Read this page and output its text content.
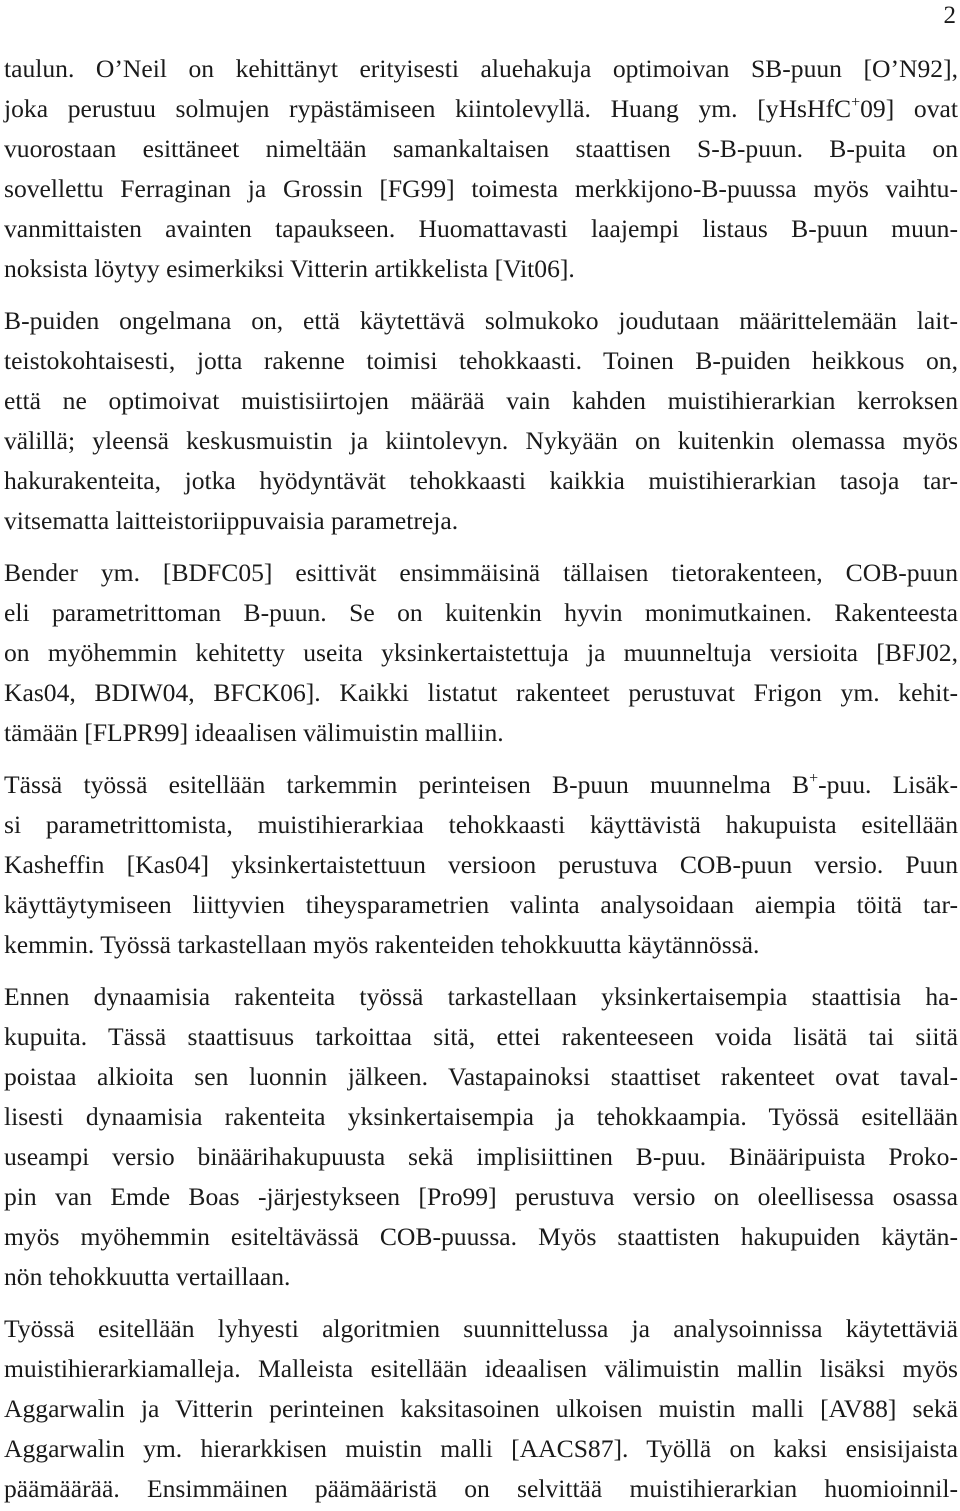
2
taulun. O’Neil on kehittänyt erityisesti aluehakuja optimoivan SB-puun [O’N92],
joka perustuu solmujen rypästämiseen kiintolevyllä. Huang ym. [yHsHfC+09] ovat
vuorostaan esittäneet nimeltään samankaltaisen staattisen S-B-puun. B-puita on
sovellettu Ferraginan ja Grossin [FG99] toimesta merkkijono-B-puussa myös vaihtu-
vanmittaisten avainten tapaukseen. Huomattavasti laajempi listaus B-puun muun-
noksista löytyy esimerkiksi Vitterin artikkelista [Vit06].
B-puiden ongelmana on, että käytettävä solmukoko joudutaan määrittelemään lait-
teistokohtaisesti, jotta rakenne toimisi tehokkaasti. Toinen B-puiden heikkous on,
että ne optimoivat muistisiirtojen määrää vain kahden muistihierarkian kerroksen
välillä; yleensä keskusmuistin ja kiintolevyn. Nykyään on kuitenkin olemassa myös
hakurakenteita, jotka hyödyntävät tehokkaasti kaikkia muistihierarkian tasoja tar-
vitsematta laitteistoriippuvaisia parametreja.
Bender ym. [BDFC05] esittivät ensimmäisinä tällaisen tietorakenteen, COB-puun
eli parametrittoman B-puun. Se on kuitenkin hyvin monimutkainen. Rakenteesta
on myöhemmin kehitetty useita yksinkertaistettuja ja muunneltuja versioita [BFJ02,
Kas04, BDIW04, BFCK06]. Kaikki listatut rakenteet perustuvat Frigon ym. kehit-
tämään [FLPR99] ideaalisen välimuistin malliin.
Tässä työssä esitellään tarkemmin perinteisen B-puun muunnelma B+-puu. Lisäk-
si parametrittomista, muistihierarkiaa tehokkaasti käyttävistä hakupuista esitellään
Kasheffin [Kas04] yksinkertaistettuun versioon perustuva COB-puun versio. Puun
käyttäytymiseen liittyvien tiheysparametrien valinta analysoidaan aiempia töitä tar-
kemmin. Työssä tarkastellaan myös rakenteiden tehokkuutta käytännössä.
Ennen dynaamisia rakenteita työssä tarkastellaan yksinkertaisempia staattisia ha-
kupuita. Tässä staattisuus tarkoittaa sitä, ettei rakenteeseen voida lisätä tai siitä
poistaa alkioita sen luonnin jälkeen. Vastapainoksi staattiset rakenteet ovat taval-
lisesti dynaamisia rakenteita yksinkertaisempia ja tehokkaampia. Työssä esitellään
useampi versio binäärihakupuusta sekä implisiittinen B-puu. Binääripuista Proko-
pin van Emde Boas -järjestykseen [Pro99] perustuva versio on oleellisessa osassa
myös myöhemmin esiteltävässä COB-puussa. Myös staattisten hakupuiden käytän-
nön tehokkuutta vertaillaan.
Työssä esitellään lyhyesti algoritmien suunnittelussa ja analysoinnissa käytettäviä
muistihierarkiamalleja. Malleista esitellään ideaalisen välimuistin mallin lisäksi myös
Aggarwalin ja Vitterin perinteinen kaksitasoinen ulkoisen muistin malli [AV88] sekä
Aggarwalin ym. hierarkkisen muistin malli [AACS87]. Työllä on kaksi ensisijaista
päämäärää. Ensimmäinen päämääristä on selvittää muistihierarkian huomioinnil-
